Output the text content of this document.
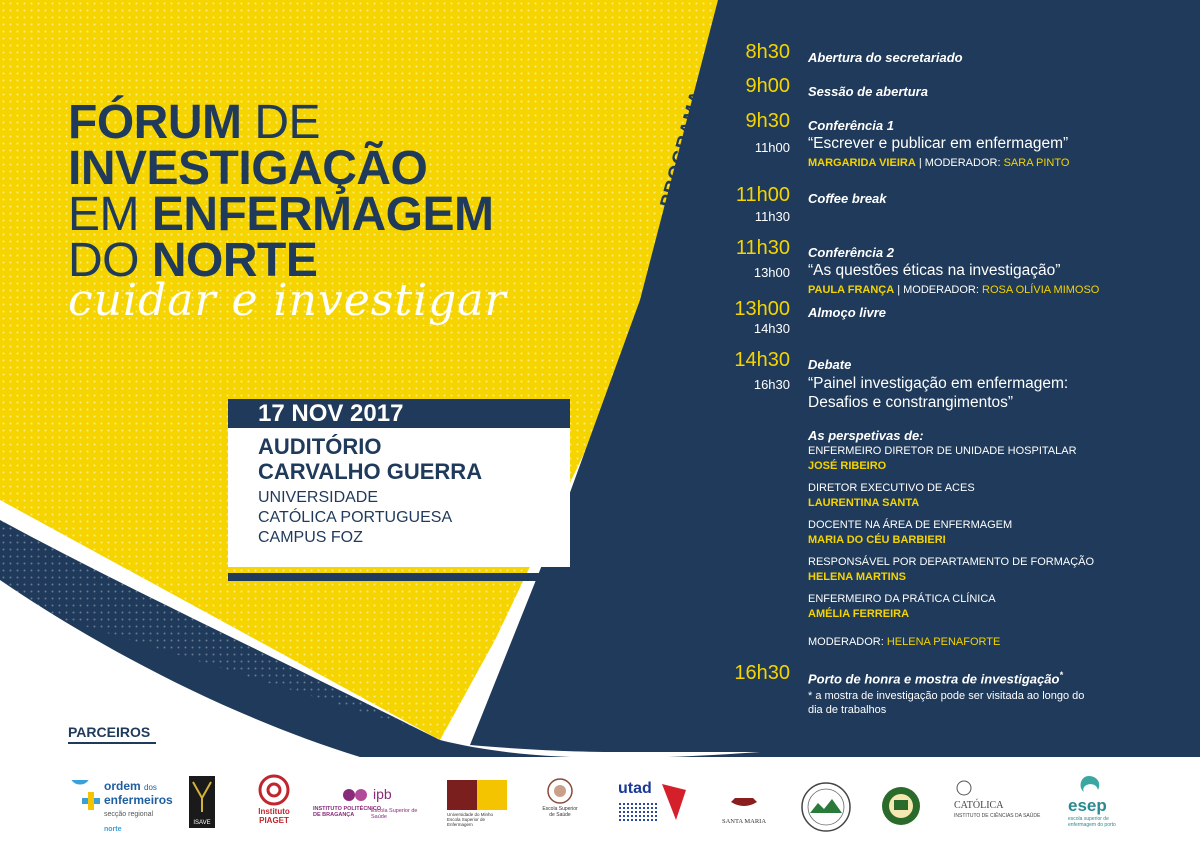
FÓRUM DE
INVESTIGAÇÃO
EM ENFERMAGEM
DO NORTE
cuidar e investigar
17 NOV 2017
AUDITÓRIO
CARVALHO GUERRA
UNIVERSIDADE
CATÓLICA PORTUGUESA
CAMPUS FOZ
PROGRAMA
8h30 Abertura do secretariado
9h00 Sessão de abertura
9h30 Conferência 1
11h00 “Escrever e publicar em enfermagem”
MARGARIDA VIEIRA | MODERADOR: SARA PINTO
11h00 Coffee break
11h30
11h30 Conferência 2
13h00 “As questões éticas na investigação”
PAULA FRANÇA | MODERADOR: ROSA OLÍVIA MIMOSO
13h00 Almoço livre
14h30
14h30 Debate
16h30 “Painel investigação em enfermagem:
Desafios e constrangimentos”
As perspetivas de:
ENFERMEIRO DIRETOR DE UNIDADE HOSPITALAR
JOSÉ RIBEIRO
DIRETOR EXECUTIVO DE ACES
LAURENTINA SANTA
DOCENTE NA ÁREA DE ENFERMAGEM
MARIA DO CÉU BARBIERI
RESPONSÁVEL POR DEPARTAMENTO DE FORMAÇÃO
HELENA MARTINS
ENFERMEIRO DA PRÁTICA CLÍNICA
AMÉLIA FERREIRA
MODERADOR: HELENA PENAFORTE
16h30 Porto de honra e mostra de investigação*
* a mostra de investigação pode ser visitada ao longo do
dia de trabalhos
PARCEIROS
ordem dos
enfermeiros
secção regional
norte
ISAVE
Instituto
PIAGET
ipb
INSTITUTO POLITÉCNICO
DE BRAGANÇA
Escola Superior de Saúde	Universidade do Minho
Escola Superior de Enfermagem
Escola Superior
de Saúde
utad
SANTA MARIA
CATÓLICA
INSTITUTO DE CIÊNCIAS DA SAÚDE
esep
escola superior de
enfermagem do porto
